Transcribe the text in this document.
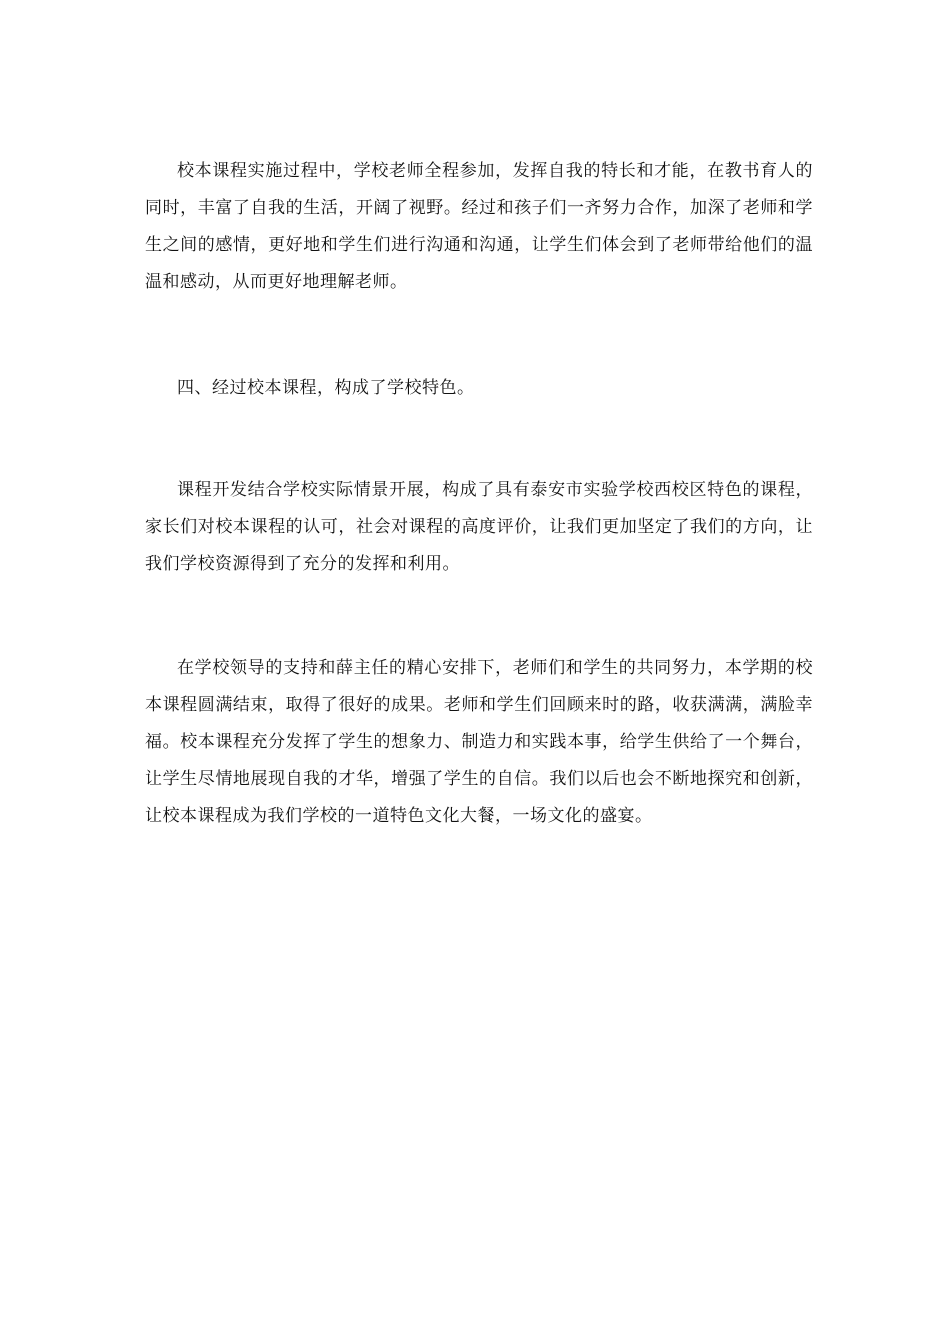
校本课程实施过程中，学校老师全程参加，发挥自我的特长和才能，在教书育人的同时，丰富了自我的生活，开阔了视野。经过和孩子们一齐努力合作，加深了老师和学生之间的感情，更好地和学生们进行沟通和沟通，让学生们体会到了老师带给他们的温温和感动，从而更好地理解老师。

四、经过校本课程，构成了学校特色。

课程开发结合学校实际情景开展，构成了具有泰安市实验学校西校区特色的课程，家长们对校本课程的认可，社会对课程的高度评价，让我们更加坚定了我们的方向，让我们学校资源得到了充分的发挥和利用。

在学校领导的支持和薛主任的精心安排下，老师们和学生的共同努力，本学期的校本课程圆满结束，取得了很好的成果。老师和学生们回顾来时的路，收获满满，满脸幸福。校本课程充分发挥了学生的想象力、制造力和实践本事，给学生供给了一个舞台，让学生尽情地展现自我的才华，增强了学生的自信。我们以后也会不断地探究和创新，让校本课程成为我们学校的一道特色文化大餐，一场文化的盛宴。
